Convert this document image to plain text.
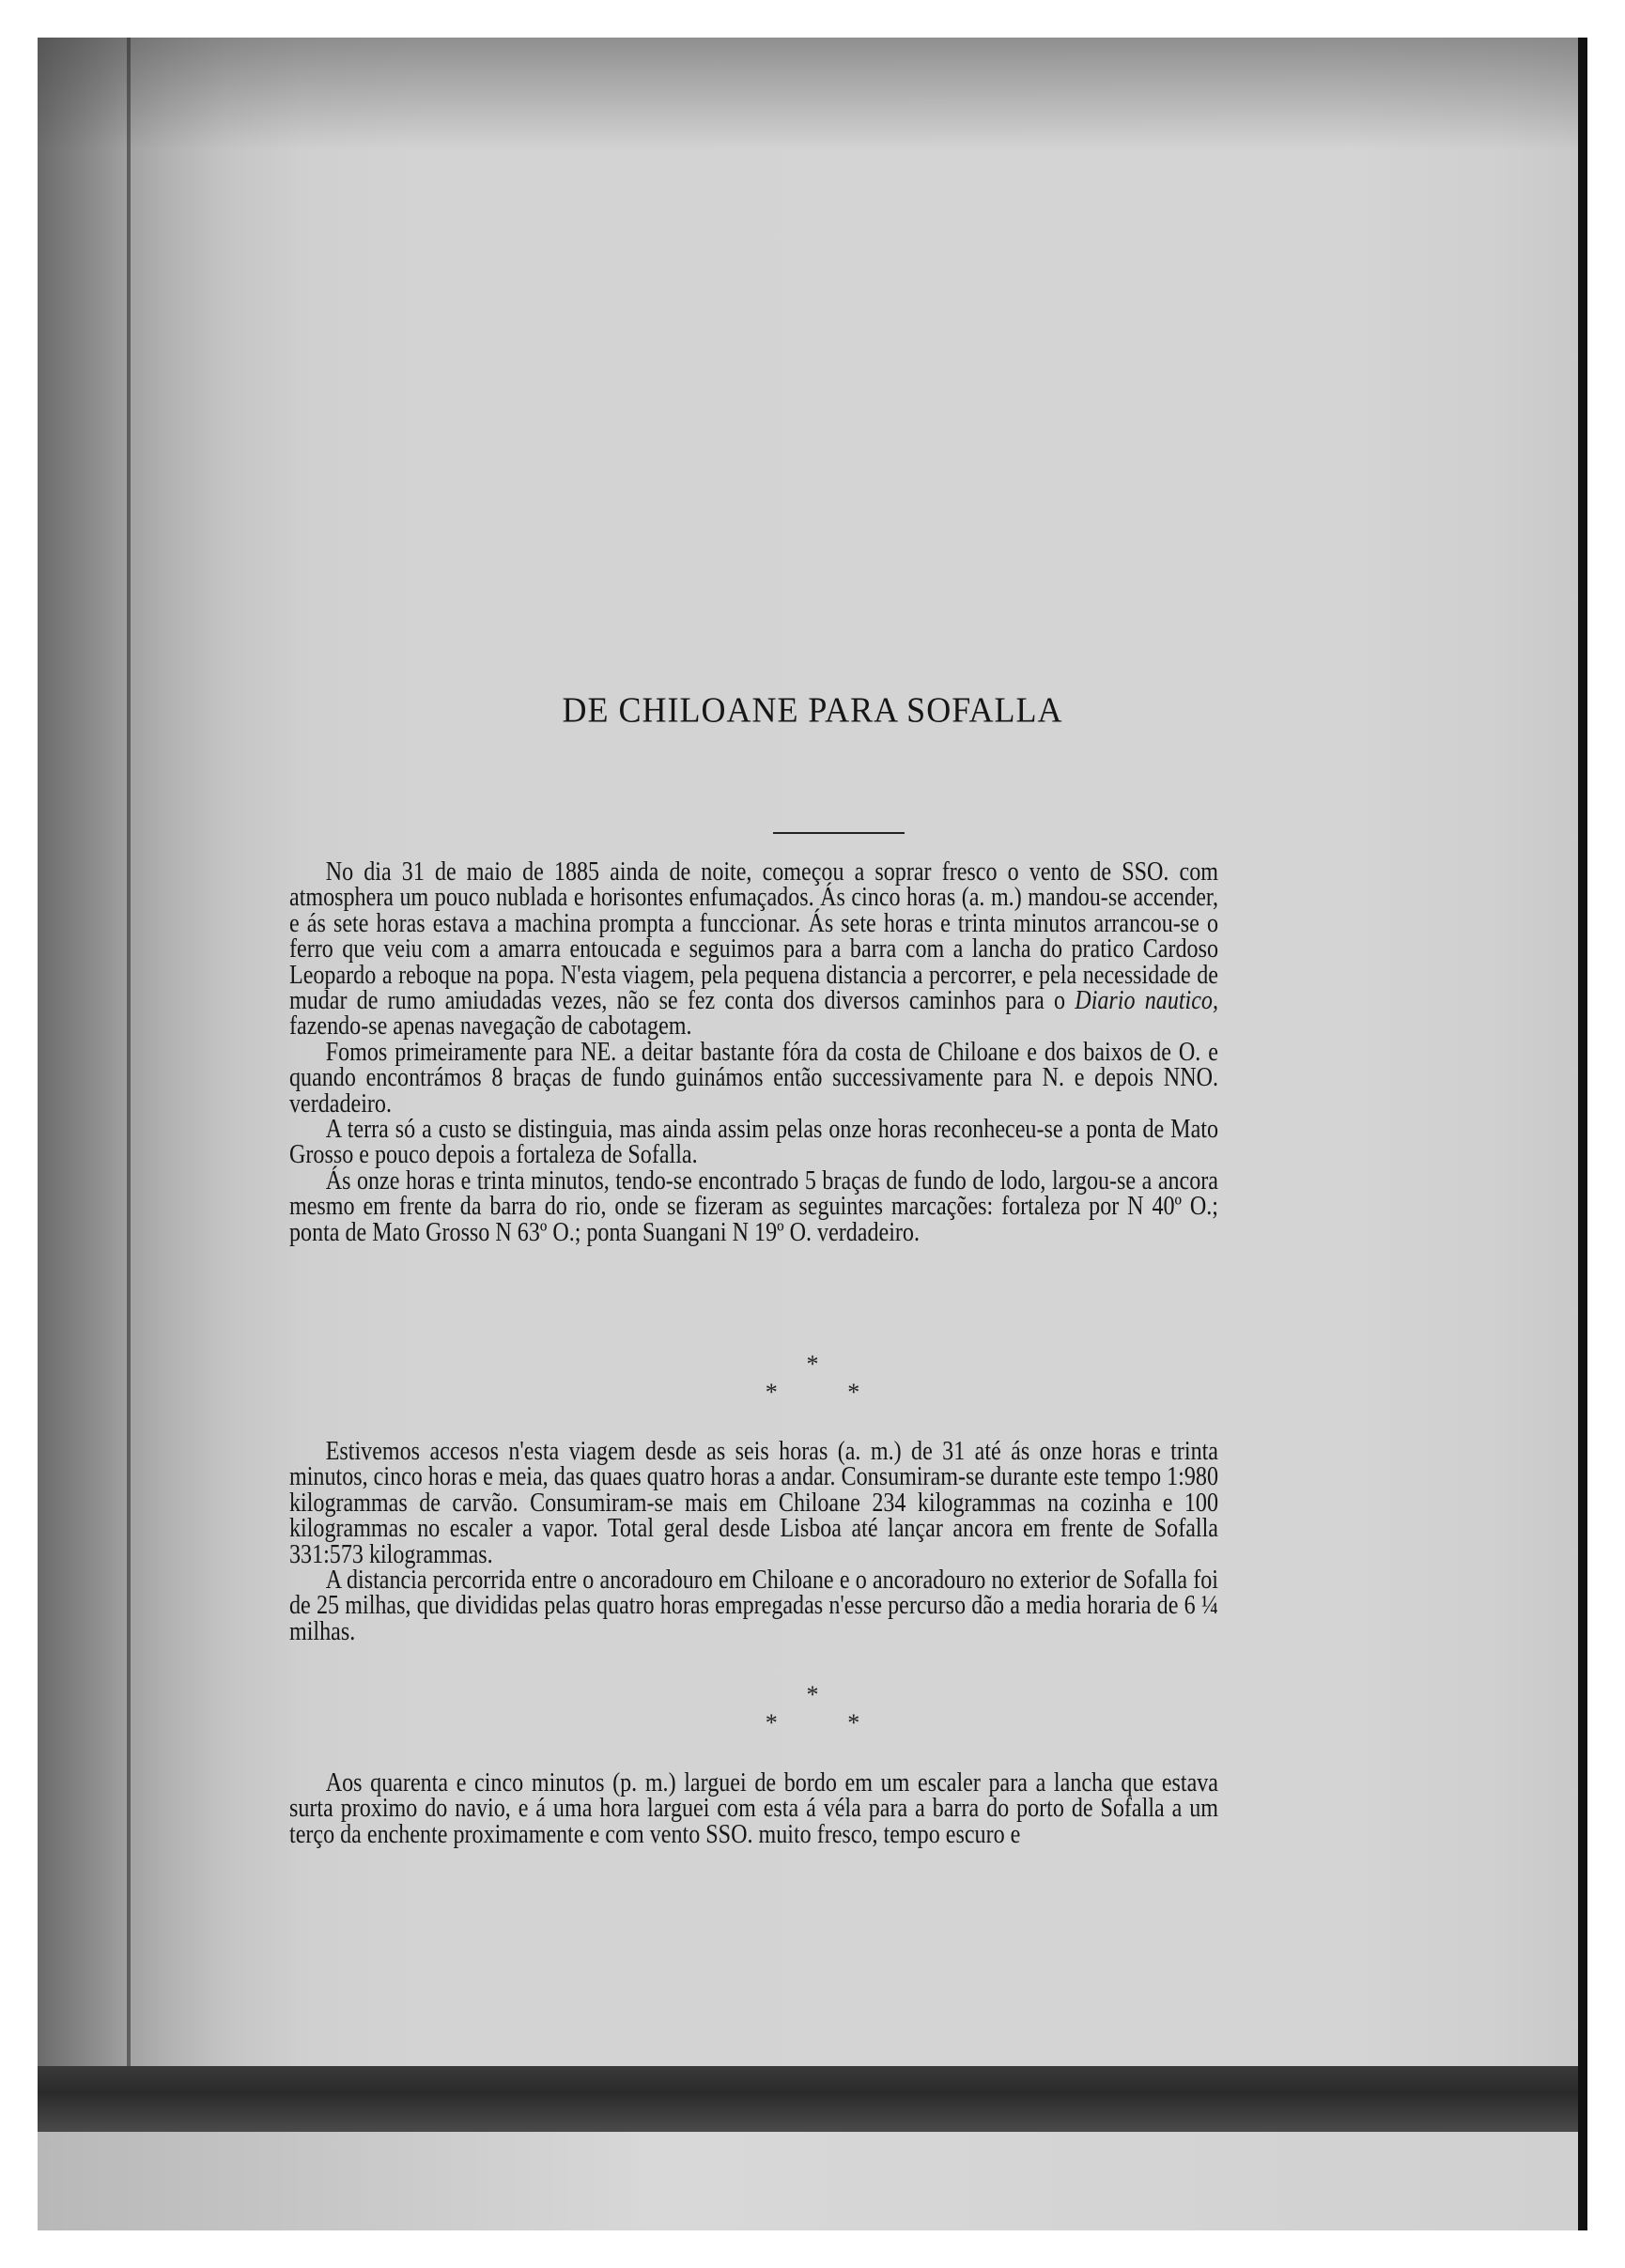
DE CHILOANE PARA SOFALLA

No dia 31 de maio de 1885 ainda de noite, começou a soprar fresco o vento de SSO. com atmosphera um pouco nublada e horisontes enfumaçados. Ás cinco horas (a. m.) mandou-se accender, e ás sete horas estava a machina prompta a funccionar. Ás sete horas e trinta minutos arrancou-se o ferro que veiu com a amarra entoucada e seguimos para a barra com a lancha do pratico Cardoso Leopardo a reboque na popa. N'esta viagem, pela pequena distancia a percorrer, e pela necessidade de mudar de rumo amiudadas vezes, não se fez conta dos diversos caminhos para o Diario nautico, fazendo-se apenas navegação de cabotagem.

Fomos primeiramente para NE. a deitar bastante fóra da costa de Chiloane e dos baixos de O. e quando encontrámos 8 braças de fundo guinámos então successivamente para N. e depois NNO. verdadeiro.

A terra só a custo se distinguia, mas ainda assim pelas onze horas reconheceu-se a ponta de Mato Grosso e pouco depois a fortaleza de Sofalla.

Ás onze horas e trinta minutos, tendo-se encontrado 5 braças de fundo de lodo, largou-se a ancora mesmo em frente da barra do rio, onde se fizeram as seguintes marcações: fortaleza por N 40º O.; ponta de Mato Grosso N 63º O.; ponta Suangani N 19º O. verdadeiro.

*
* *

Estivemos accesos n'esta viagem desde as seis horas (a. m.) de 31 até ás onze horas e trinta minutos, cinco horas e meia, das quaes quatro horas a andar. Consumiram-se durante este tempo 1:980 kilogrammas de carvão. Consumiram-se mais em Chiloane 234 kilogrammas na cozinha e 100 kilogrammas no escaler a vapor. Total geral desde Lisboa até lançar ancora em frente de Sofalla 331:573 kilogrammas.

A distancia percorrida entre o ancoradouro em Chiloane e o ancoradouro no exterior de Sofalla foi de 25 milhas, que divididas pelas quatro horas empregadas n'esse percurso dão a media horaria de 6 ¼ milhas.

*
* *

Aos quarenta e cinco minutos (p. m.) larguei de bordo em um escaler para a lancha que estava surta proximo do navio, e á uma hora larguei com esta á véla para a barra do porto de Sofalla a um terço da enchente proximamente e com vento SSO. muito fresco, tempo escuro e
